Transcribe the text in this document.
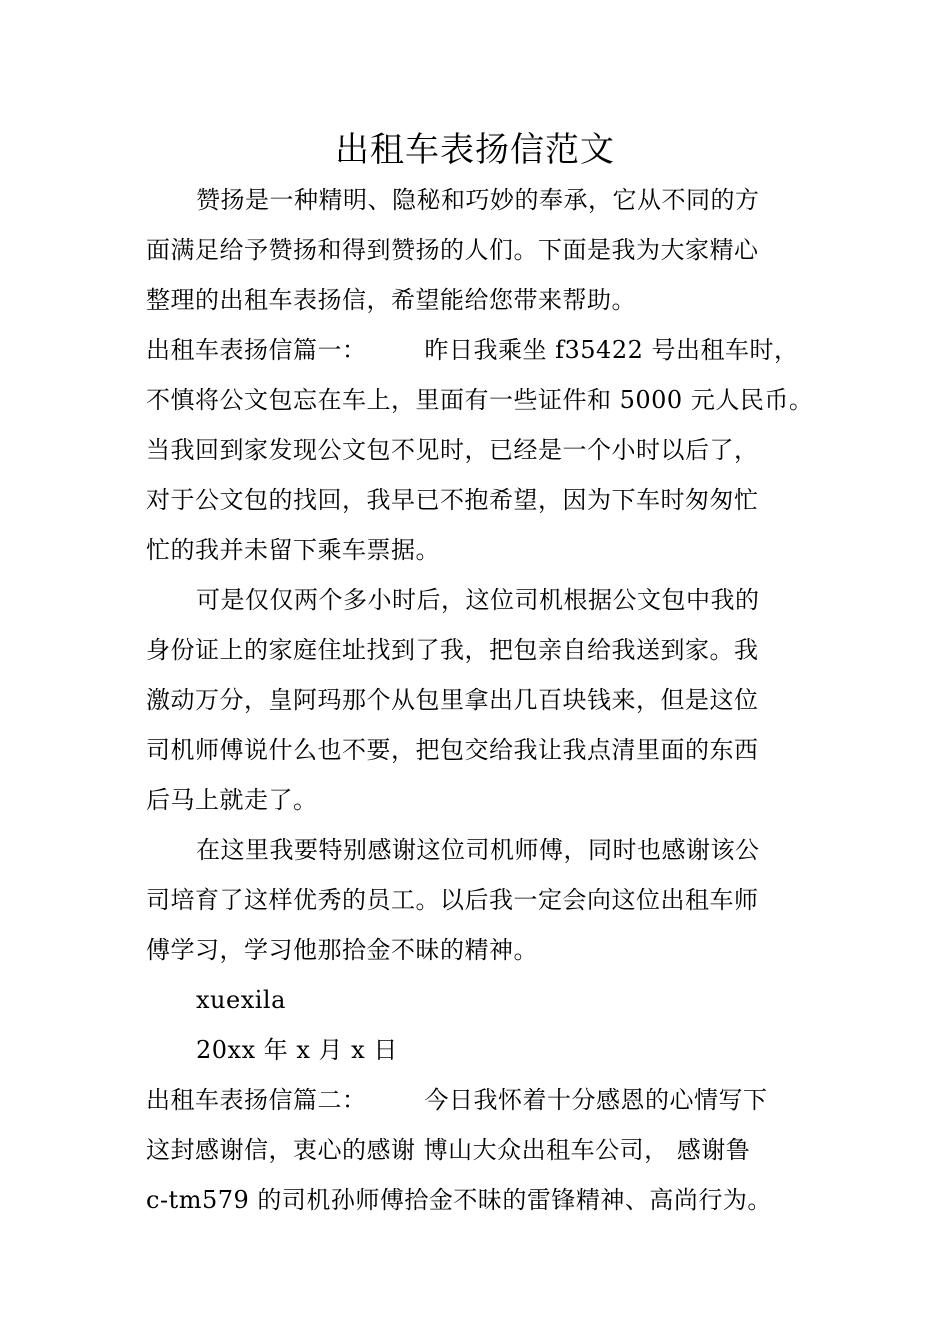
出租车表扬信范文

赞扬是一种精明、隐秘和巧妙的奉承，它从不同的方

面满足给予赞扬和得到赞扬的人们。下面是我为大家精心

整理的出租车表扬信，希望能给您带来帮助。

出租车表扬信篇一： 昨日我乘坐 f35422 号出租车时，

不慎将公文包忘在车上，里面有一些证件和 5000 元人民币。

当我回到家发现公文包不见时，已经是一个小时以后了，

对于公文包的找回，我早已不抱希望，因为下车时匆匆忙

忙的我并未留下乘车票据。

可是仅仅两个多小时后，这位司机根据公文包中我的

身份证上的家庭住址找到了我，把包亲自给我送到家。我

激动万分，皇阿玛那个从包里拿出几百块钱来，但是这位

司机师傅说什么也不要，把包交给我让我点清里面的东西

后马上就走了。

在这里我要特别感谢这位司机师傅，同时也感谢该公

司培育了这样优秀的员工。以后我一定会向这位出租车师

傅学习，学习他那拾金不昧的精神。

xuexila

20xx 年 x 月 x 日

出租车表扬信篇二： 今日我怀着十分感恩的心情写下

这封感谢信，衷心的感谢 博山大众出租车公司， 感谢鲁

c-tm579 的司机孙师傅拾金不昧的雷锋精神、高尚行为。
